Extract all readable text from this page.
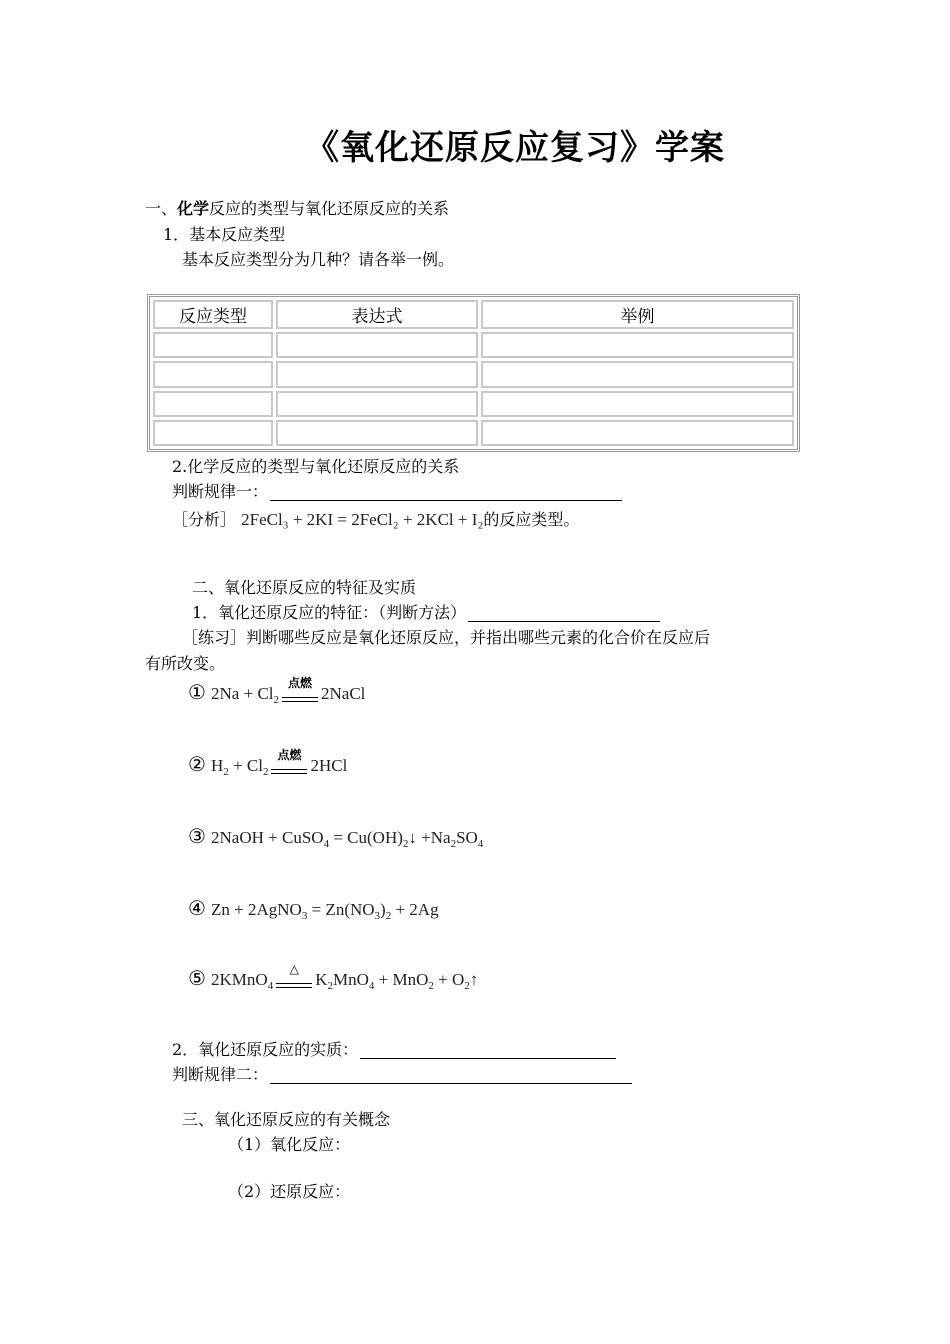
《氧化还原反应复习》学案
一、化学反应的类型与氧化还原反应的关系
1．基本反应类型
基本反应类型分为几种？请各举一例。
反应类型	表达式	举例

2.化学反应的类型与氧化还原反应的关系
判断规律一：
［分析］ 2FeCl₃ + 2KI = 2FeCl₂ + 2KCl + I₂的反应类型。
二、氧化还原反应的特征及实质
1．氧化还原反应的特征：（判断方法）
［练习］判断哪些反应是氧化还原反应，并指出哪些元素的化合价在反应后
有所改变。
① $2Na + Cl_2$
点燃
2NaCl
② $H_2 + Cl_2$
点燃
2HCl
③ 2NaOH + CuSO$_4$ = $Cu(OH)_2↓ +Na_2SO_4$
④ Zn + 2AgNO$_3$ = $Zn(NO_3)_2 + 2Ag$
⑤ 2KMnO$_4$
△
$K_2MnO_4 + MnO_2$ + $O_2↑$
2．氧化还原反应的实质：
判断规律二：
三、氧化还原反应的有关概念
（1）氧化反应：
（2）还原反应：
